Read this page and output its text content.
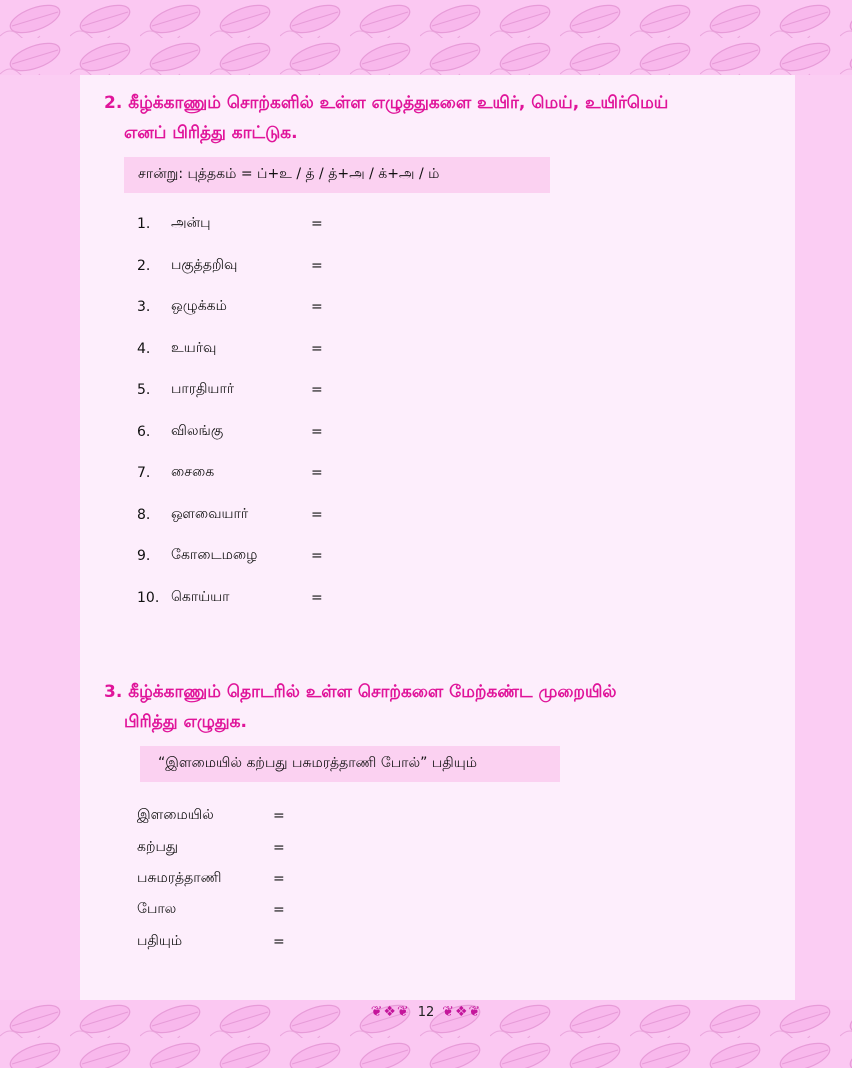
2. கீழ்க்காணும் சொற்களில் உள்ள எழுத்துகளை உயிர், மெய், உயிர்மெய்
எனப் பிரித்து காட்டுக.

சான்று: புத்தகம் = ப்+உ / த் / த்+அ / க்+அ / ம்
1.	அன்பு	=
2.	பகுத்தறிவு	=
3.	ஒழுக்கம்	=
4.	உயர்வு	=
5.	பாரதியார்	=
6.	விலங்கு	=
7.	சைகை	=
8.	ஔவையார்	=
9.	கோடைமழை	=
10. கொய்யா	=

3. கீழ்க்காணும் தொடரில் உள்ள சொற்களை மேற்கண்ட முறையில்
பிரித்து எழுதுக.

“இளமையில் கற்பது பசுமரத்தாணி போல்” பதியும்
இளமையில்	=
கற்பது	=
பசுமரத்தாணி	=
போல	=
பதியும்	=
❦❖❦ 12 ❦❖❦
